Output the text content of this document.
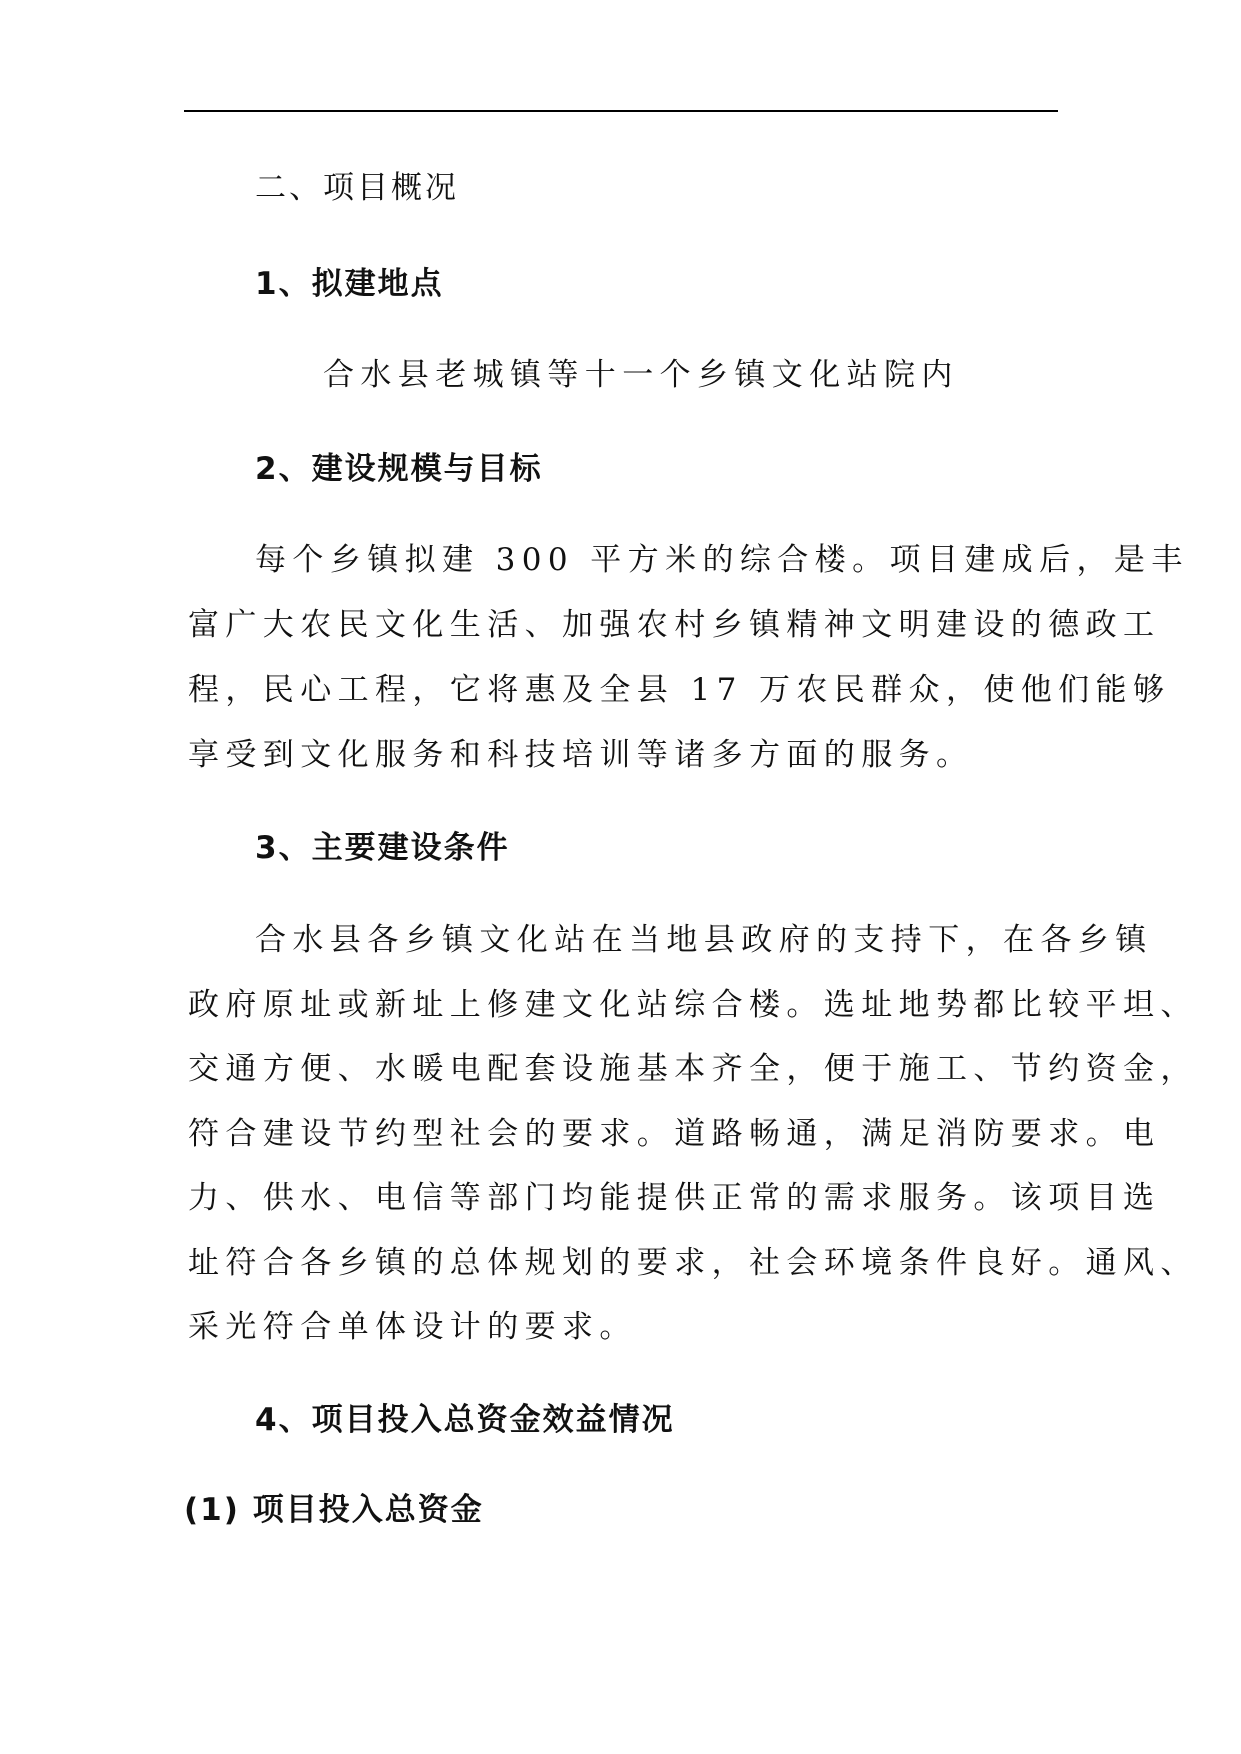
二、项目概况
1、拟建地点
合水县老城镇等十一个乡镇文化站院内
2、建设规模与目标
每个乡镇拟建 300 平方米的综合楼。项目建成后，是丰
富广大农民文化生活、加强农村乡镇精神文明建设的德政工
程，民心工程，它将惠及全县 17 万农民群众，使他们能够
享受到文化服务和科技培训等诸多方面的服务。
3、主要建设条件
合水县各乡镇文化站在当地县政府的支持下，在各乡镇
政府原址或新址上修建文化站综合楼。选址地势都比较平坦、
交通方便、水暖电配套设施基本齐全，便于施工、节约资金，
符合建设节约型社会的要求。道路畅通，满足消防要求。电
力、供水、电信等部门均能提供正常的需求服务。该项目选
址符合各乡镇的总体规划的要求，社会环境条件良好。通风、
采光符合单体设计的要求。
4、项目投入总资金效益情况
(1) 项目投入总资金
